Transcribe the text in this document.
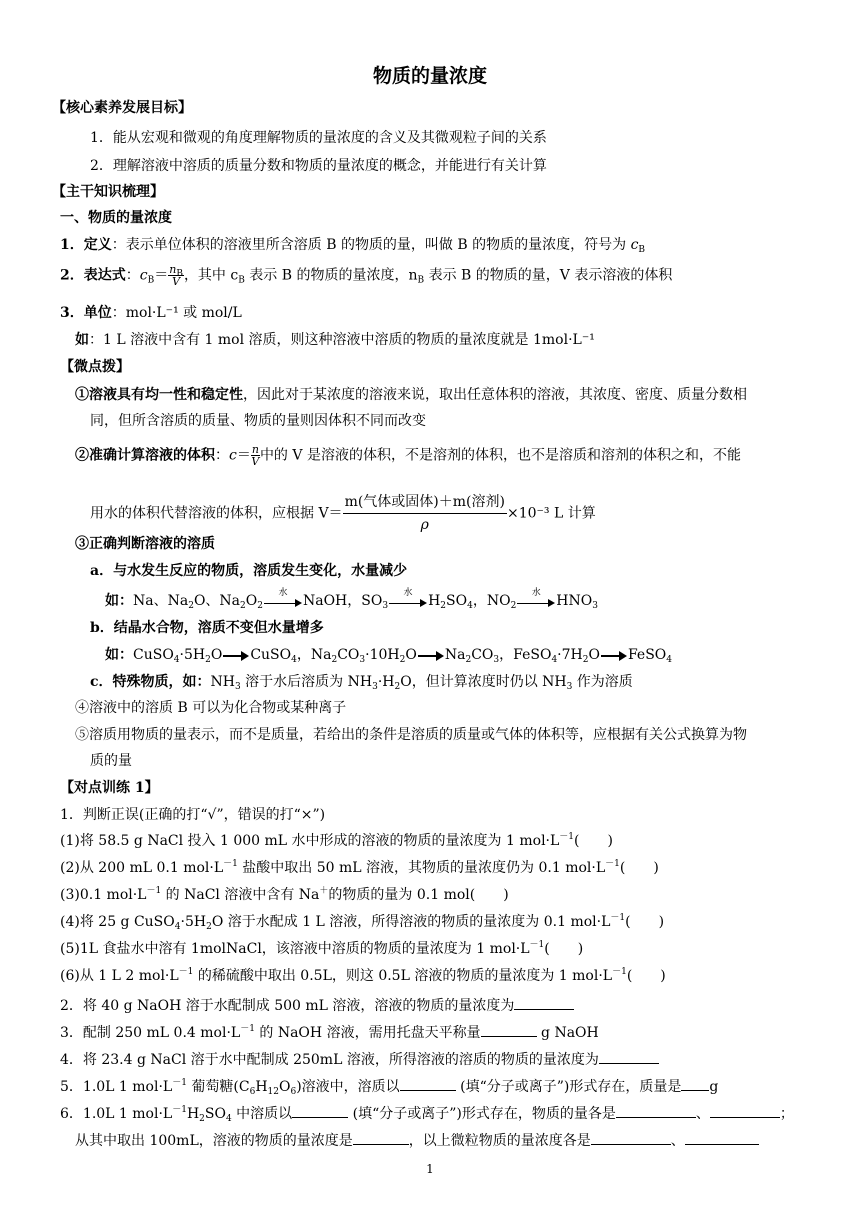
物质的量浓度
【核心素养发展目标】
1．能从宏观和微观的角度理解物质的量浓度的含义及其微观粒子间的关系
2．理解溶液中溶质的质量分数和物质的量浓度的概念，并能进行有关计算
【主干知识梳理】
一、物质的量浓度
1．定义：表示单位体积的溶液里所含溶质 B 的物质的量，叫做 B 的物质的量浓度，符号为 $c_B$
2．表达式：$c_B= \frac{n_B}{V}$ ，其中 $c_B$ 表示 B 的物质的量浓度，$n_B$ 表示 B 的物质的量，V 表示溶液的体积
3．单位：mol·L⁻¹ 或 mol/L
如：1 L 溶液中含有 1 mol 溶质，则这种溶液中溶质的物质的量浓度就是 1mol·L⁻¹
【微点拨】
①溶液具有均一性和稳定性，因此对于某浓度的溶液来说，取出任意体积的溶液，其浓度、密度、质量分数相
同，但所含溶质的质量、物质的量则因体积不同而改变
②准确计算溶液的体积：$c= \frac{n}{V}$ 中的 V 是溶液的体积，不是溶剂的体积，也不是溶质和溶剂的体积之和，不能
用水的体积代替溶液的体积，应根据 $V= \frac{\text{m(气体或固体)＋m(溶剂)}}{\rho} \times 10^{-3}$ L 计算
③正确判断溶液的溶质
a．与水发生反应的物质，溶质发生变化，水量减少
如：Na、$Na_2O$、$Na_2O_2$
水	NaOH，$SO_3$
水	$H_2SO_4$，$NO_2$
水	$HNO_3$
b．结晶水合物，溶质不变但水量增多
如：$CuSO_4\cdot 5H_2O$ CuSO$_4$，$Na_2CO_3\cdot 10H_2O$ $Na_2CO_3$，$FeSO_4\cdot 7H_2O$ FeSO$_4$
c．特殊物质，如：$NH_3$ 溶于水后溶质为 $NH_3\cdot H_2O$，但计算浓度时仍以 $NH_3$ 作为溶质
④溶液中的溶质 B 可以为化合物或某种离子
⑤溶质用物质的量表示，而不是质量，若给出的条件是溶质的质量或气体的体积等，应根据有关公式换算为物
质的量
【对点训练 1】
1．判断正误(正确的打“√”，错误的打“×”)
(1)将 58.5 g NaCl 投入 1 000 mL 水中形成的溶液的物质的量浓度为 1 $mol\cdot L^{-1}$(　　)
(2)从 200 mL 0.1 $mol\cdot L^{-1}$ 盐酸中取出 50 mL 溶液，其物质的量浓度仍为 0.1 $mol\cdot L^{-1}$(　　)
(3)0.1 $mol\cdot L^{-1}$ 的 NaCl 溶液中含有 Na＋的物质的量为 0.1 mol(　　)
(4)将 25 g $CuSO_4\cdot 5H_2O$ 溶于水配成 1 L 溶液，所得溶液的物质的量浓度为 0.1 $mol\cdot L^{-1}$(　　)
(5)1L 食盐水中溶有 1molNaCl，该溶液中溶质的物质的量浓度为 1 $mol\cdot L^{-1}$(　　)
(6)从 1 L 2 $mol\cdot L^{-1}$ 的稀硫酸中取出 0.5L，则这 0.5L 溶液的物质的量浓度为 1 $mol\cdot L^{-1}$(　　)
2．将 40 g NaOH 溶于水配制成 500 mL 溶液，溶液的物质的量浓度为
3．配制 250 mL 0.4 $mol\cdot L^{-1}$ 的 NaOH 溶液，需用托盘天平称量	g NaOH
4．将 23.4 g NaCl 溶于水中配制成 250mL 溶液，所得溶液的溶质的物质的量浓度为
5．1.0L 1 $mol\cdot L^{-1}$ 葡萄糖$(C_6H_{12}O_6)$溶液中，溶质以	(填“分子或离子”)形式存在，质量是 g
6．1.0L 1 $mol\cdot L^{-1}H_2SO_4$ 中溶质以	(填“分子或离子”)形式存在，物质的量各是	、	；
从其中取出 100mL，溶液的物质的量浓度是	，以上微粒物质的量浓度各是	、
1
